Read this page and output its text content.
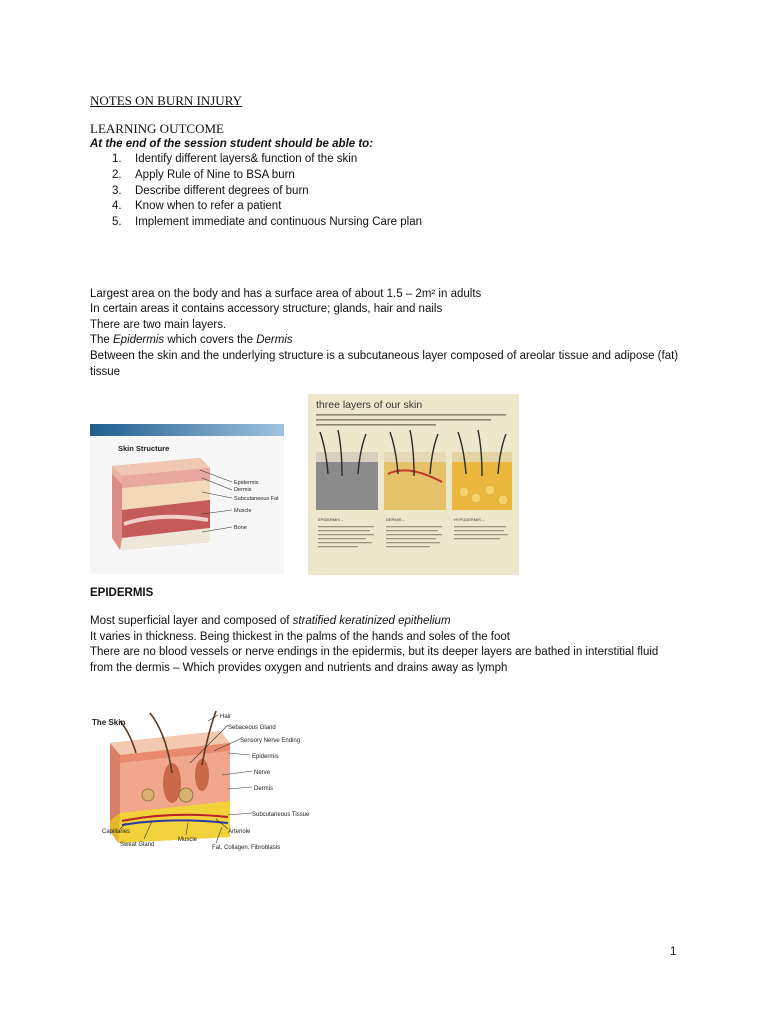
NOTES ON BURN INJURY
LEARNING OUTCOME
At the end of the session student should be able to:
1. Identify different layers& function of the skin
2. Apply Rule of Nine to BSA burn
3. Describe different degrees of burn
4. Know when to refer a patient
5. Implement immediate and continuous Nursing Care plan
Largest area on the body and has a surface area of about 1.5 – 2m² in adults
In certain areas it contains accessory structure; glands, hair and nails
There are two main layers.
The Epidermis which covers the Dermis
Between the skin and the underlying structure is a subcutaneous layer composed of areolar tissue and adipose (fat)
tissue
Skin Structure
Epidermis
Dermis
Subcutaneous Fat
Muscle
Bone
three layers of our skin
EPIDERMIS –	DERMIS –	HYPODERMIS –
EPIDERMIS
Most superficial layer and composed of stratified keratinized epithelium
It varies in thickness. Being thickest in the palms of the hands and soles of the foot
There are no blood vessels or nerve endings in the epidermis, but its deeper layers are bathed in interstitial fluid
from the dermis – Which provides oxygen and nutrients and drains away as lymph
The Skin
Hair
Sebaceous Gland
Sensory Nerve Ending
Epidermis
Nerve
Dermis
Subcutaneous Tissue
Arteriole
Capillaries
Sweat Gland
Muscle
Fat, Collagen, Fibroblasts
1
